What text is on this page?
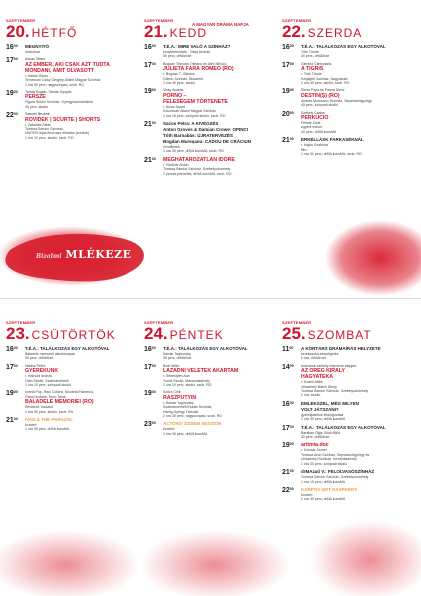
Bizalmi MLÉKEZE
SZEPTEMBER
20. HÉTFŐ
$16^{00}$ MEGNYITÓ
díszudvar
$17^{00}$ Adrian Sitaru:
AZ EMBER, AKI CSAK AZT TUDTA
MONDANI, AMIT OLVASOTT
r. Adrian Sitaru
Temesvári Csiky Gergely Állami Magyar Színház
1 óra 50 perc, nagyszínpad, szub. RO
$19^{30}$ Tamás Boglár–Tamás Gyopár:
PERSZE
Figura Stúdió Színház, Gyergyószentmiklós
45 perc, stúdió
$22^{00}$ Samuel Beckett:
RÖVIDEK | SCURTE | SHORTS
r. Zakariás Zalán
Tomcsa Sándor Színház,
UNITER-díjas felolvasó előadás (sorblok)
1 óra 10 perc, stúdió, szub. RO
SZEPTEMBER
21. KEDD
A MAGYAR DRÁMA NAPJA
$16^{00}$ T.É.A.: MIRE VALÓ A SZÍNHÁZ?
könyvbemutató - Visky András
30 perc, drMAKart
$17^{00}$ Bogdan Theodor Olteanu és Alex Mircioi:
JULIETA FĂRĂ ROMEO (RO)
r. Bogdan T. Olteanu
Odeon Színház, Bukarest
1 óra 45 perc, stúdió
$19^{00}$ Visky András:
PORNÓ –
FELESÉGEM TÖRTÉNETE
r. Ánosi Árpád
Kolozsvári Állami Magyar Színház
1 óra 15 perc, színpadi stúdió, szub. RO
$21^{00}$ Saćos Petra: A KIVÉGZÉS
Anton Groves & Damian Crowe: OPINCI
Tóth Barnabás: ÚJRATERVEZÉS
Bogdan Mureșanu: CADOU DE CRĂCIUN
rövidfilmek
1 óra 30 perc, drMA kocsMA, szub. RO
$21^{30}$ MEGHATÁROZATLAN IDŐRE
r. Vladimir Anton
Tomcsa Sándor Színház, Székelyudvarhely
7 perces jelenetek, drMA kocsMA, szub. RO
SZEPTEMBER
22. SZERDA
$16^{00}$ T.É.A.: TALÁLKOZÁS EGY ALKOTÓVAL
Tóth Tünde
30 perc, drMAKart
$17^{00}$ Glenina Cărbunariu:
A TIGRIS
r. Tóth Tünde
Szigligeti Színház, Nagyvárad
1 óra 40 perc, stúdió, szub. RO
$19^{00}$ Elena Popa és Panna Dima:
DESTIN(Ș) (RO)
András Mureșanu Színház, Sepsiszentgyörgy
45 perc, színpadi stúdió
$20^{00}$ Székely Csaba:
PERKUCIÓ
Fekete Zsolt
egyéni műsor
40 perc, drMA kocsMA
$21^{00}$ ERKÉLLÁSK FARKASÉKNÁL
r. Hajdu Szabolcs
film
1 óra 31 perc, drMA kocsMA, szub. RO
SZEPTEMBER
23. CSÜTÖRTÖK
$16^{00}$ T.É.A.: TALÁLKOZÁS EGY ALKOTÓVAL
Baladele memoriei alkotócsapat
30 perc, drMAKart
$17^{00}$ Halász Péter:
GYEREKÜNK
r. Harhold András
Odin Stúdió, Szatmárnémeti
1 óra 10 perc, színpadi stúdió
$19^{00}$ Ionela Pop, Raul Coldea, Nicoleta Esinencu,
Oana Hodade, Doru Talos:
BALADELE MEMORIEI (RO)
Rendező: Kadasd
1 óra 50 perc, stúdió, szub. EN
$21^{00}$ IVAN & THE PARAZOL
koncert
1 óra 30 perc, drMA kocsMA
SZEPTEMBER
24. PÉNTEK
$16^{00}$ T.É.A.: TALÁLKOZÁS EGY ALKOTÓVAL
Sardar Tagirovsky
30 perc, drMAKart
$17^{00}$ Bódi Attila:
LÁZADNI VELETEK AKARTAM
r. Sebestyén Aba
Yorick Stúdió, Marosvásárhely
1 óra 10 perc, stúdió, szub. RO
$19^{00}$ Szőcs Cirill:
RASZPUTYIN
r. Sardar Tagirovsky
Szatmárnémeti Északi Színház,
Harag György Társulat
2 óra 30 perc, nagyszínpad, szub. RO
$23^{00}$ ACTORS' DZSEM SESSION
koncert
1 óra 30 perc, drMA kocsMA
SZEPTEMBER
25. SZOMBAT
$11^{00}$ A KORTÁRS DRÁMAÍRÁS HELYZETE
kerekasztal-beszélgetés
2 óra, drMAKart
$14^{00}$ bukovinai székely népmese alapján:
AZ ÖREG KIRÁLY
HAGYATÉKA
r. Szabó Attila
Udvarhely Bábm Dhely,
Tomcsa Sándor Színház, Székelyudvarhely
1 óra, stúdió
$16^{00}$ EMLÉKSZEL, MÉG MILYEN
VOLT JÁTSZANI?
gyerekjátékok feldolgozása
1 óra 30 perc, drMA kocsMA
$17^{00}$ T.É.A.: TALÁLKOZÁS EGY ALKOTÓVAL
Barabás Olga, Bódi Attila
30 perc, drMAKart
$19^{00}$ aritmia.doc
r. Kolcsár József
Tomcsa Áron Színház, Sepsiszentgyörgy és
Udvarhelyi Színház, Kézdivásárhely
1 óra 30 perc, színpadi stúdió
$21^{00}$ drMAzati V.: FELOLVASÓSZÍNHÁZ
Tomcsa Sándor Színház, Székelyudvarhely
1 óra 10 perc, drMA kocsMA
$22^{00}$ KARPOV NOT KASPAROV
koncert
1 óra 30 perc, drMA kocsMA
